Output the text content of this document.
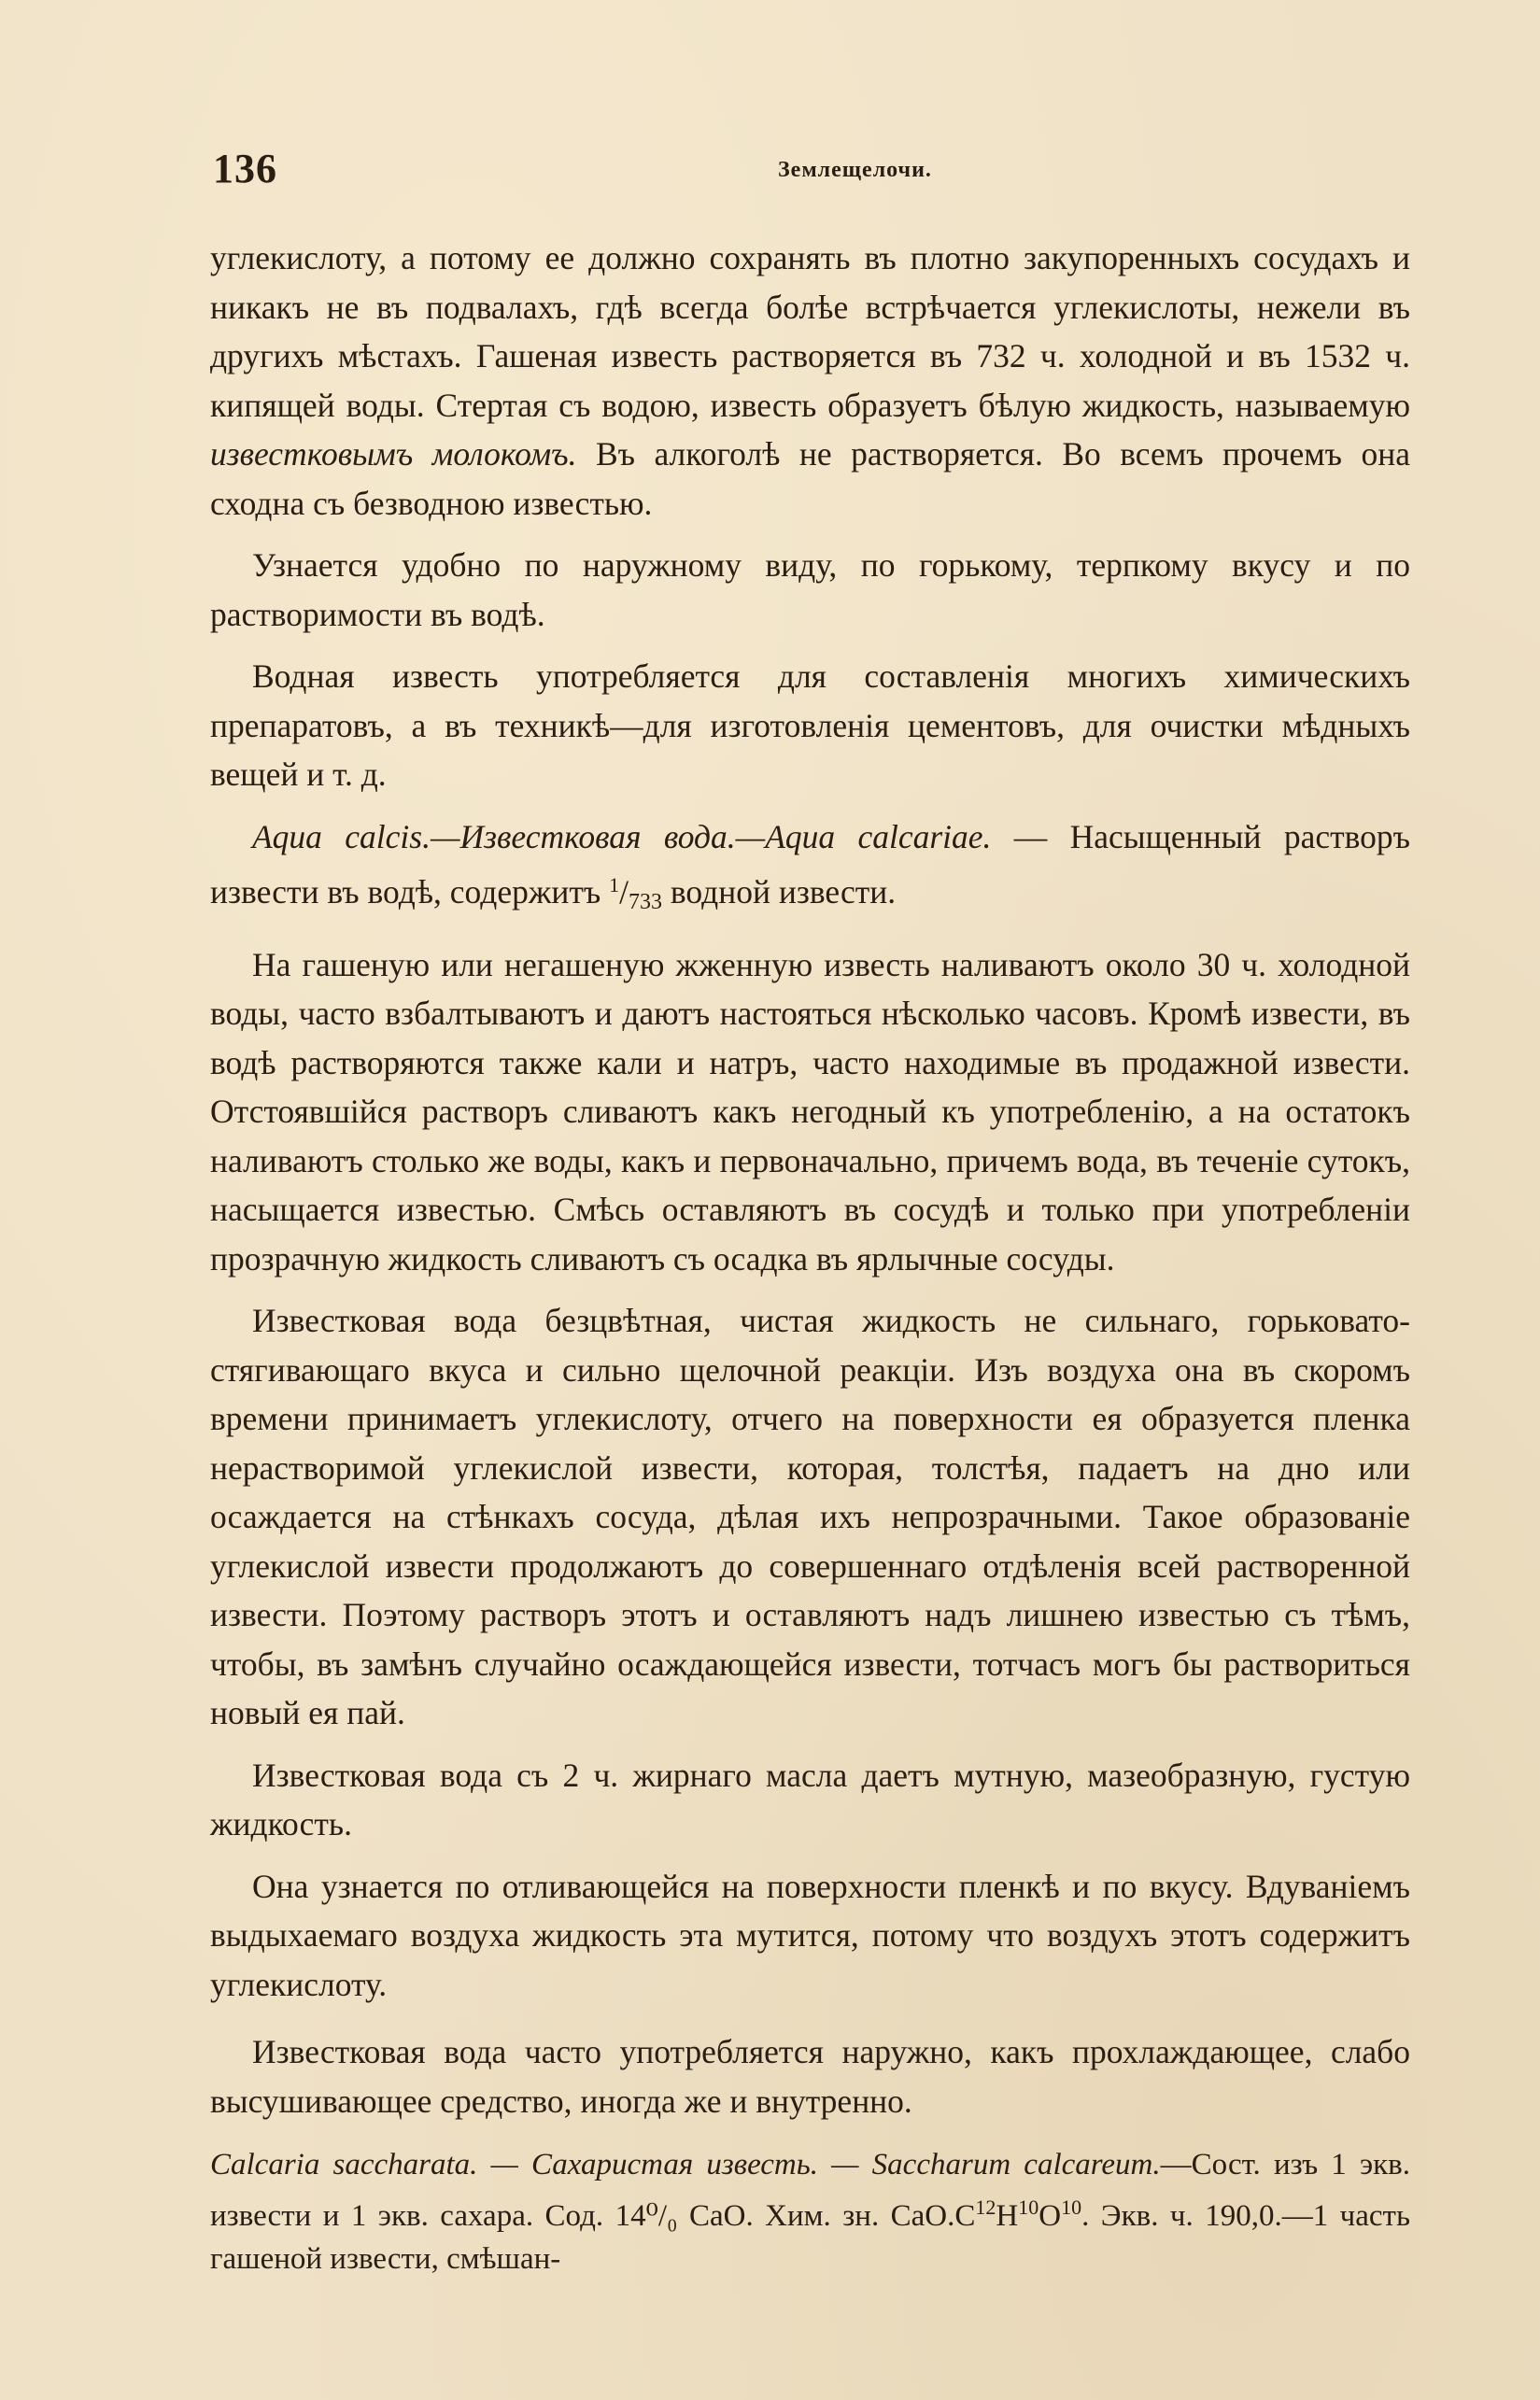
136	Землещелочи.

углекислоту, а потому ее должно сохранять въ плотно закупоренныхъ сосудахъ и никакъ не въ подвалахъ, гдѣ всегда болѣе встрѣчается углекислоты, нежели въ другихъ мѣстахъ. Гашеная известь растворяется въ 732 ч. холодной и въ 1532 ч. кипящей воды. Стертая съ водою, известь образуетъ бѣлую жидкость, называемую известковымъ молокомъ. Въ алкоголѣ не растворяется. Во всемъ прочемъ она сходна съ безводною известью.

Узнается удобно по наружному виду, по горькому, терпкому вкусу и по растворимости въ водѣ.

Водная известь употребляется для составленія многихъ химическихъ препаратовъ, а въ техникѣ—для изготовленія цементовъ, для очистки мѣдныхъ вещей и т. д.

Aqua calcis.—Известковая вода.—Aqua calcariae. — Насыщенный растворъ извести въ водѣ, содержитъ $^1/_{733}$ водной извести.

На гашеную или негашеную жженную известь наливаютъ около 30 ч. холодной воды, часто взбалтываютъ и даютъ настояться нѣсколько часовъ. Кромѣ извести, въ водѣ растворяются также кали и натръ, часто находимые въ продажной извести. Отстоявшійся растворъ сливаютъ какъ негодный къ употребленію, а на остатокъ наливаютъ столько же воды, какъ и первоначально, причемъ вода, въ теченіе сутокъ, насыщается известью. Смѣсь оставляютъ въ сосудѣ и только при употребленіи прозрачную жидкость сливаютъ съ осадка въ ярлычные сосуды.

Известковая вода безцвѣтная, чистая жидкость не сильнаго, горьковато-стягивающаго вкуса и сильно щелочной реакціи. Изъ воздуха она въ скоромъ времени принимаетъ углекислоту, отчего на поверхности ея образуется пленка нерастворимой углекислой извести, которая, толстѣя, падаетъ на дно или осаждается на стѣнкахъ сосуда, дѣлая ихъ непрозрачными. Такое образованіе углекислой извести продолжаютъ до совершеннаго отдѣленія всей растворенной извести. Поэтому растворъ этотъ и оставляютъ надъ лишнею известью съ тѣмъ, чтобы, въ замѣнъ случайно осаждающейся извести, тотчасъ могъ бы раствориться новый ея пай.

Известковая вода съ 2 ч. жирнаго масла даетъ мутную, мазеобразную, густую жидкость.

Она узнается по отливающейся на поверхности пленкѣ и по вкусу. Вдуваніемъ выдыхаемаго воздуха жидкость эта мутится, потому что воздухъ этотъ содержитъ углекислоту.

Известковая вода часто употребляется наружно, какъ прохлаждающее, слабо высушивающее средство, иногда же и внутренно.

Calcaria saccharata. — Сахаристая известь. — Saccharum calcareum.—Сост. изъ 1 экв. извести и 1 экв. сахара. Сод. 14⁰/₀ СаО. Хим. зн. $СаО.С^{12}Н^{10}О^{10}$. Экв. ч. 190,0.—1 часть гашеной извести, смѣшан-
